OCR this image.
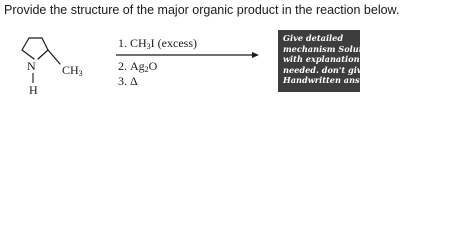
Provide the structure of the major organic product in the reaction below.
N
H
$CH_3$
1. $CH_3I$ (excess)
2. $Ag_2O$
3. Δ
Give detailed
mechanism Solution
with explanation
needed. don't give
Handwritten answer
